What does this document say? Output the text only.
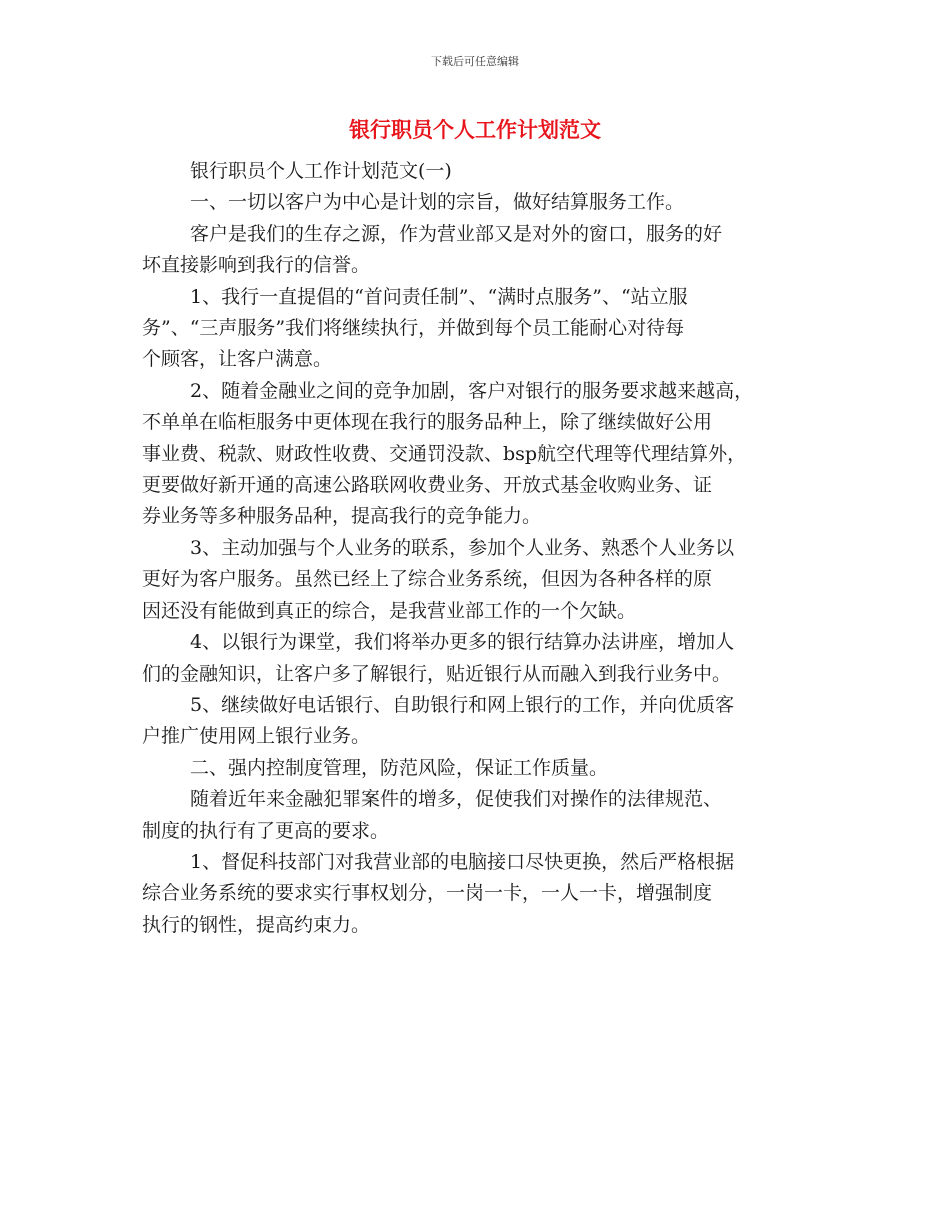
下载后可任意编辑
银行职员个人工作计划范文
银行职员个人工作计划范文(一)
一、一切以客户为中心是计划的宗旨，做好结算服务工作。
客户是我们的生存之源，作为营业部又是对外的窗口，服务的好
坏直接影响到我行的信誉。
1、我行一直提倡的“首问责任制”、“满时点服务”、“站立服
务”、“三声服务”我们将继续执行，并做到每个员工能耐心对待每
个顾客，让客户满意。
2、随着金融业之间的竞争加剧，客户对银行的服务要求越来越高，
不单单在临柜服务中更体现在我行的服务品种上，除了继续做好公用
事业费、税款、财政性收费、交通罚没款、bsp航空代理等代理结算外，
更要做好新开通的高速公路联网收费业务、开放式基金收购业务、证
券业务等多种服务品种，提高我行的竞争能力。
3、主动加强与个人业务的联系，参加个人业务、熟悉个人业务以
更好为客户服务。虽然已经上了综合业务系统，但因为各种各样的原
因还没有能做到真正的综合，是我营业部工作的一个欠缺。
4、以银行为课堂，我们将举办更多的银行结算办法讲座，增加人
们的金融知识，让客户多了解银行，贴近银行从而融入到我行业务中。
5、继续做好电话银行、自助银行和网上银行的工作，并向优质客
户推广使用网上银行业务。
二、强内控制度管理，防范风险，保证工作质量。
随着近年来金融犯罪案件的增多，促使我们对操作的法律规范、
制度的执行有了更高的要求。
1、督促科技部门对我营业部的电脑接口尽快更换，然后严格根据
综合业务系统的要求实行事权划分，一岗一卡，一人一卡，增强制度
执行的钢性，提高约束力。
